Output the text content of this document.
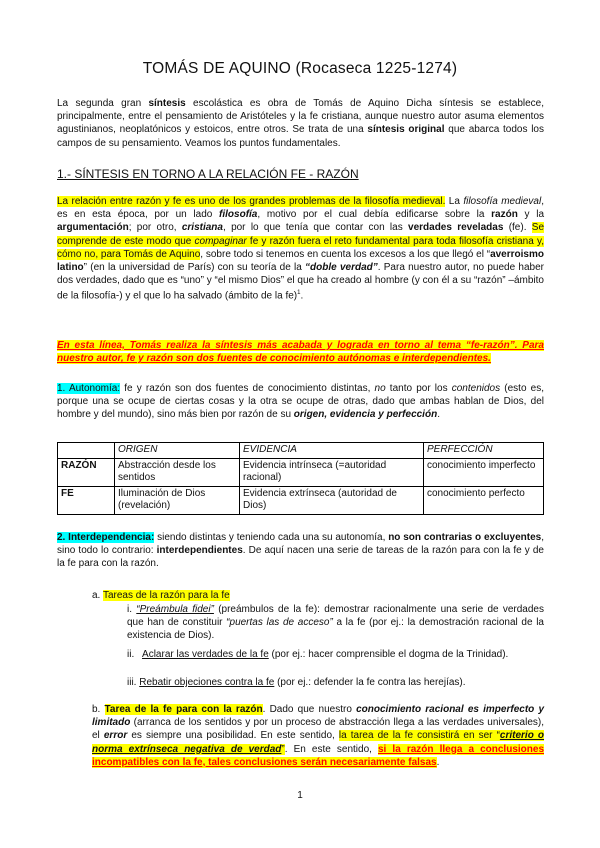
TOMÁS DE AQUINO (Rocaseca 1225-1274)
La segunda gran síntesis escolástica es obra de Tomás de Aquino Dicha síntesis se establece, principalmente, entre el pensamiento de Aristóteles y la fe cristiana, aunque nuestro autor asuma elementos agustinianos, neoplatónicos y estoicos, entre otros. Se trata de una síntesis original que abarca todos los campos de su pensamiento. Veamos los puntos fundamentales.
1.- SÍNTESIS EN TORNO A LA RELACIÓN FE - RAZÓN
La relación entre razón y fe es uno de los grandes problemas de la filosofía medieval. La filosofía medieval, es en esta época, por un lado filosofía, motivo por el cual debía edificarse sobre la razón y la argumentación; por otro, cristiana, por lo que tenía que contar con las verdades reveladas (fe). Se comprende de este modo que compaginar fe y razón fuera el reto fundamental para toda filosofía cristiana y, cómo no, para Tomás de Aquino, sobre todo si tenemos en cuenta los excesos a los que llegó el “averroismo latino” (en la universidad de París) con su teoría de la “doble verdad”. Para nuestro autor, no puede haber dos verdades, dado que es “uno” y “el mismo Dios” el que ha creado al hombre (y con él a su “razón” –ámbito de la filosofía-) y el que lo ha salvado (ámbito de la fe)$^1$.
En esta línea, Tomás realiza la síntesis más acabada y lograda en torno al tema “fe-razón”. Para nuestro autor, fe y razón son dos fuentes de conocimiento autónomas e interdependientes.
1. Autonomía: fe y razón son dos fuentes de conocimiento distintas, no tanto por los contenidos (esto es, porque una se ocupe de ciertas cosas y la otra se ocupe de otras, dado que ambas hablan de Dios, del hombre y del mundo), sino más bien por razón de su origen, evidencia y perfección.
	ORIGEN	EVIDENCIA	PERFECCIÓN
RAZÓN	Abstracción desde los sentidos	Evidencia intrínseca (=autoridad racional)	conocimiento imperfecto
FE	Iluminación de Dios (revelación)	Evidencia extrínseca (autoridad de Dios)	conocimiento perfecto
2. Interdependencia: siendo distintas y teniendo cada una su autonomía, no son contrarias o excluyentes, sino todo lo contrario: interdependientes. De aquí nacen una serie de tareas de la razón para con la fe y de la fe para con la razón.
a. Tareas de la razón para la fe
i. “Preámbula fidei” (preámbulos de la fe): demostrar racionalmente una serie de verdades que han de constituir “puertas las de acceso” a la fe (por ej.: la demostración racional de la existencia de Dios).
ii. Aclarar las verdades de la fe (por ej.: hacer comprensible el dogma de la Trinidad).
iii. Rebatir objeciones contra la fe (por ej.: defender la fe contra las herejías).
b. Tarea de la fe para con la razón. Dado que nuestro conocimiento racional es imperfecto y limitado (arranca de los sentidos y por un proceso de abstracción llega a las verdades universales), el error es siempre una posibilidad. En este sentido, la tarea de la fe consistirá en ser “criterio o norma extrínseca negativa de verdad”. En este sentido, si la razón llega a conclusiones incompatibles con la fe, tales conclusiones serán necesariamente falsas.
1
